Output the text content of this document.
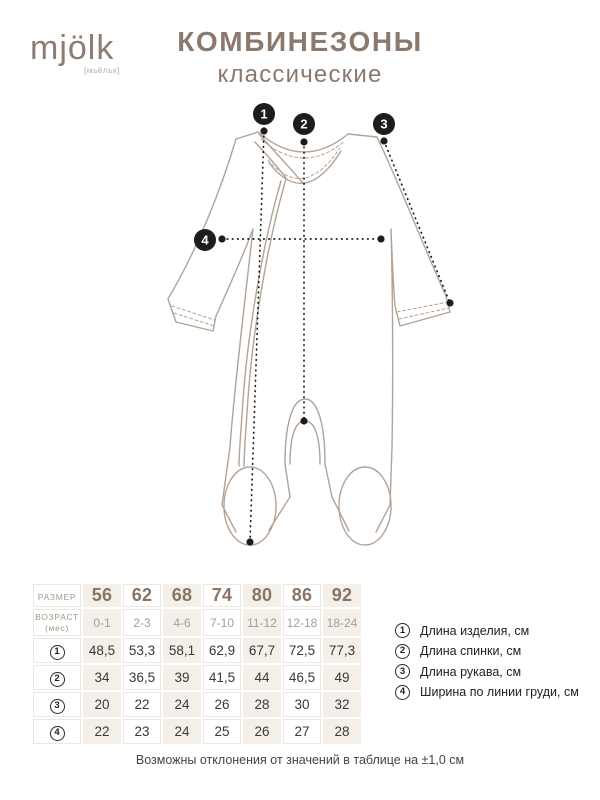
mjölk
[мьёльк]
КОМБИНЕЗОНЫ
классические
1
2	3
4
РАЗМЕР	56	62	68	74	80	86	92

ВОЗРАСТ
(мес)	0-1	2-3	4-6	7-10	11-12	12-18	18-24
1	48,5	53,3	58,1	62,9	67,7	72,5	77,3
2	34	36,5	39	41,5	44	46,5	49
3	20	22	24	26	28	30	32
4	22	23	24	25	26	27	28
1	Длина изделия, см
2	Длина спинки, см
3	Длина рукава, см
4	Ширина по линии груди, см
Возможны отклонения от значений в таблице на ±1,0 см
